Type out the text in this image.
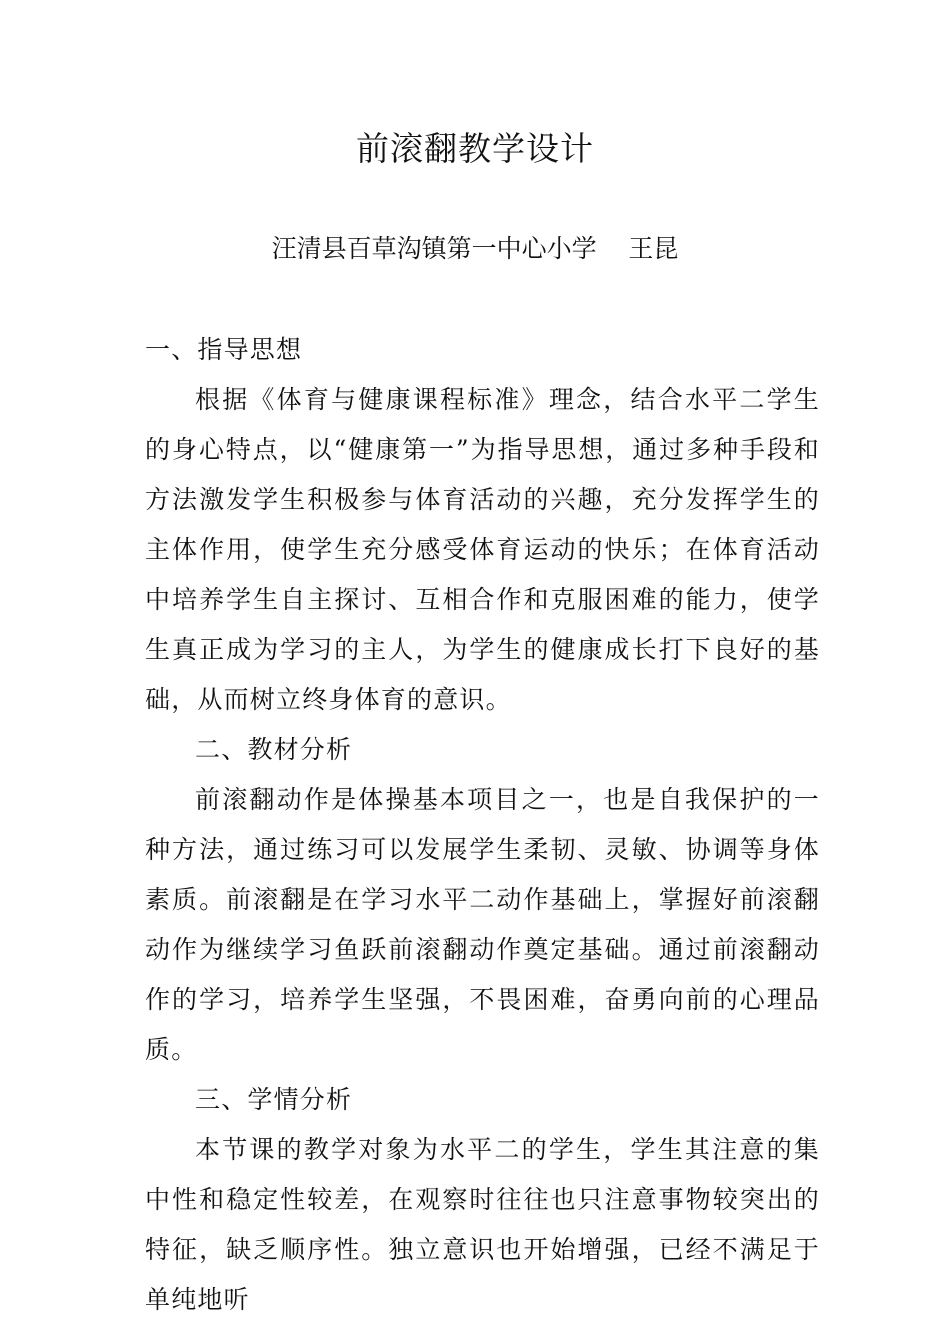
前滚翻教学设计
汪清县百草沟镇第一中心小学    王昆

一、指导思想

根据《体育与健康课程标准》理念，结合水平二学生的身心特点，以“健康第一”为指导思想，通过多种手段和方法激发学生积极参与体育活动的兴趣，充分发挥学生的主体作用，使学生充分感受体育运动的快乐；在体育活动中培养学生自主探讨、互相合作和克服困难的能力，使学生真正成为学习的主人，为学生的健康成长打下良好的基础，从而树立终身体育的意识。

二、教材分析

前滚翻动作是体操基本项目之一，也是自我保护的一种方法，通过练习可以发展学生柔韧、灵敏、协调等身体素质。前滚翻是在学习水平二动作基础上，掌握好前滚翻动作为继续学习鱼跃前滚翻动作奠定基础。通过前滚翻动作的学习，培养学生坚强，不畏困难，奋勇向前的心理品质。

三、学情分析

本节课的教学对象为水平二的学生，学生其注意的集中性和稳定性较差，在观察时往往也只注意事物较突出的特征，缺乏顺序性。独立意识也开始增强，已经不满足于单纯地听
